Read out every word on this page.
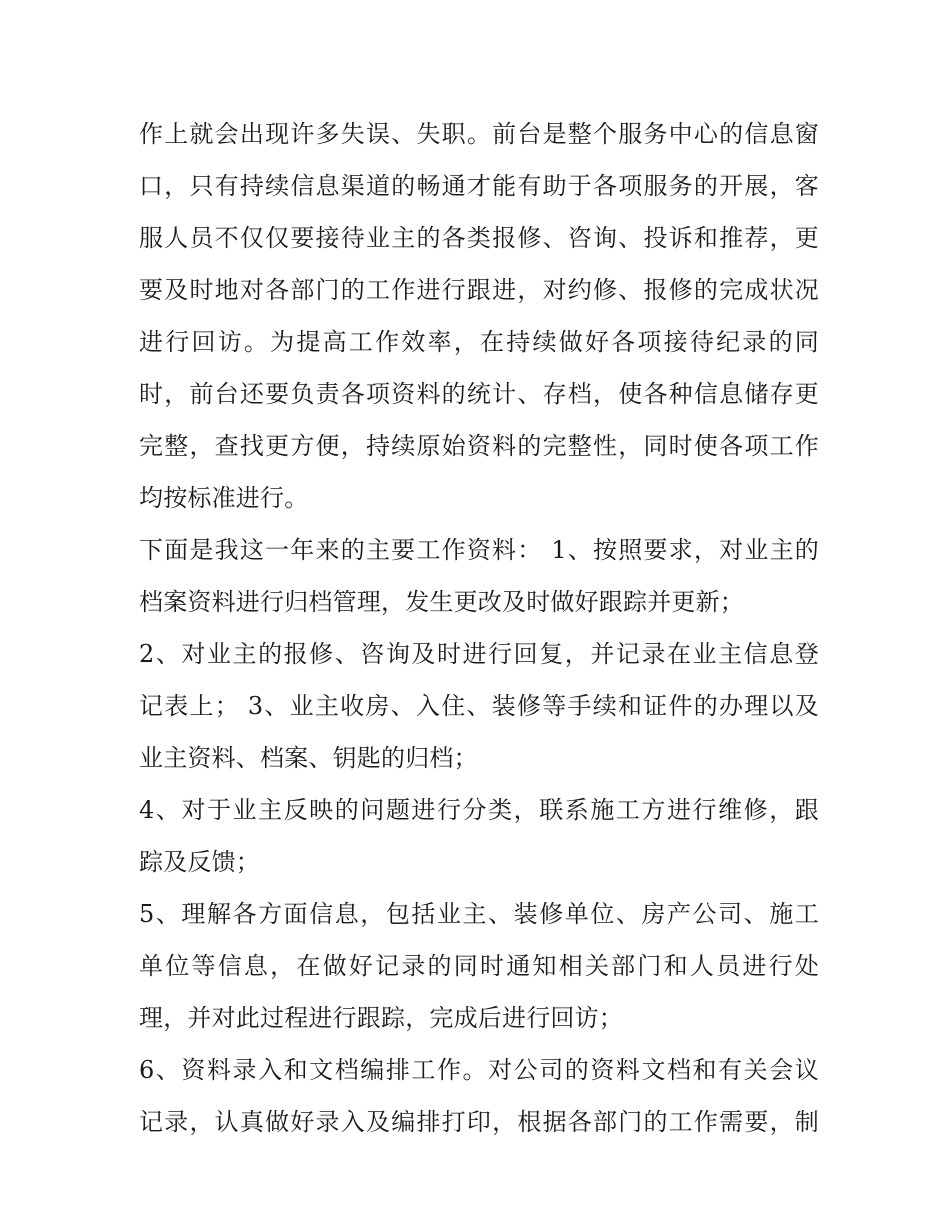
作上就会出现许多失误、失职。前台是整个服务中心的信息窗
口，只有持续信息渠道的畅通才能有助于各项服务的开展，客
服人员不仅仅要接待业主的各类报修、咨询、投诉和推荐，更
要及时地对各部门的工作进行跟进，对约修、报修的完成状况
进行回访。为提高工作效率，在持续做好各项接待纪录的同
时，前台还要负责各项资料的统计、存档，使各种信息储存更
完整，查找更方便，持续原始资料的完整性，同时使各项工作
均按标准进行。
下面是我这一年来的主要工作资料： 1、按照要求，对业主的
档案资料进行归档管理，发生更改及时做好跟踪并更新；
2、对业主的报修、咨询及时进行回复，并记录在业主信息登
记表上； 3、业主收房、入住、装修等手续和证件的办理以及
业主资料、档案、钥匙的归档；
4、对于业主反映的问题进行分类，联系施工方进行维修，跟
踪及反馈；
5、理解各方面信息，包括业主、装修单位、房产公司、施工
单位等信息，在做好记录的同时通知相关部门和人员进行处
理，并对此过程进行跟踪，完成后进行回访；
6、资料录入和文档编排工作。对公司的资料文档和有关会议
记录，认真做好录入及编排打印，根据各部门的工作需要，制
